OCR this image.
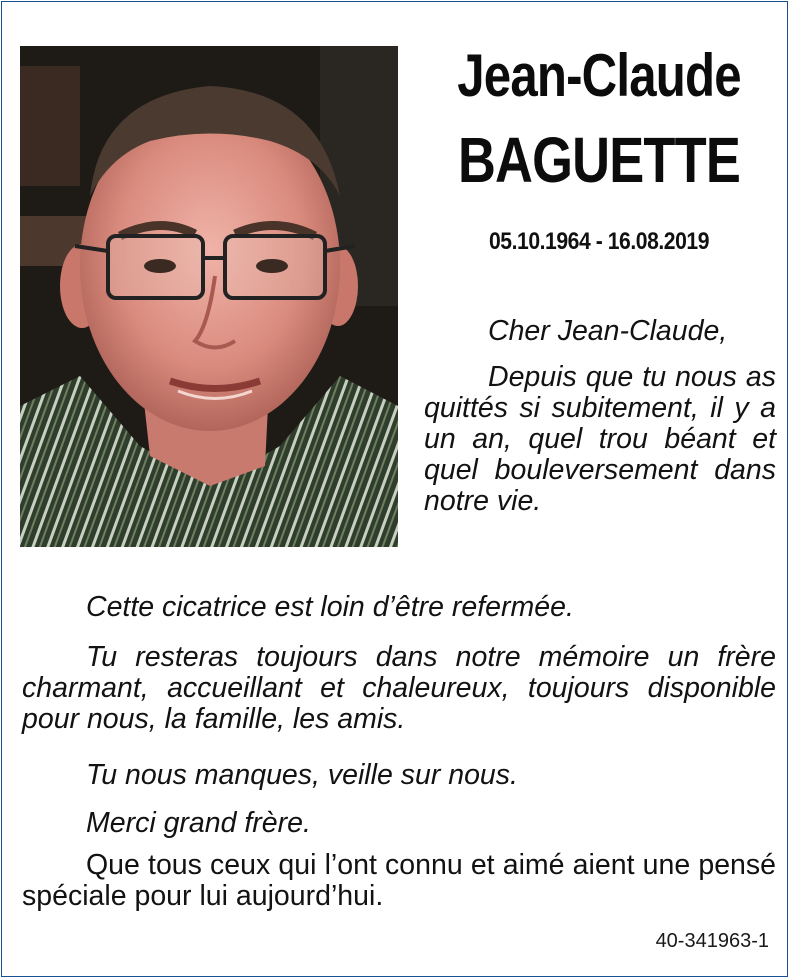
Jean-Claude
BAGUETTE
05.10.1964 - 16.08.2019

Cher Jean-Claude,

Depuis que tu nous as quittés si subitement, il y a un an, quel trou béant et quel bouleversement dans notre vie.

Cette cicatrice est loin d’être refermée.

Tu resteras toujours dans notre mémoire un frère charmant, accueillant et chaleureux, toujours disponible pour nous, la famille, les amis.

Tu nous manques, veille sur nous.

Merci grand frère.

Que tous ceux qui l’ont connu et aimé aient une pensé spéciale pour lui aujourd’hui.

40-341963-1
